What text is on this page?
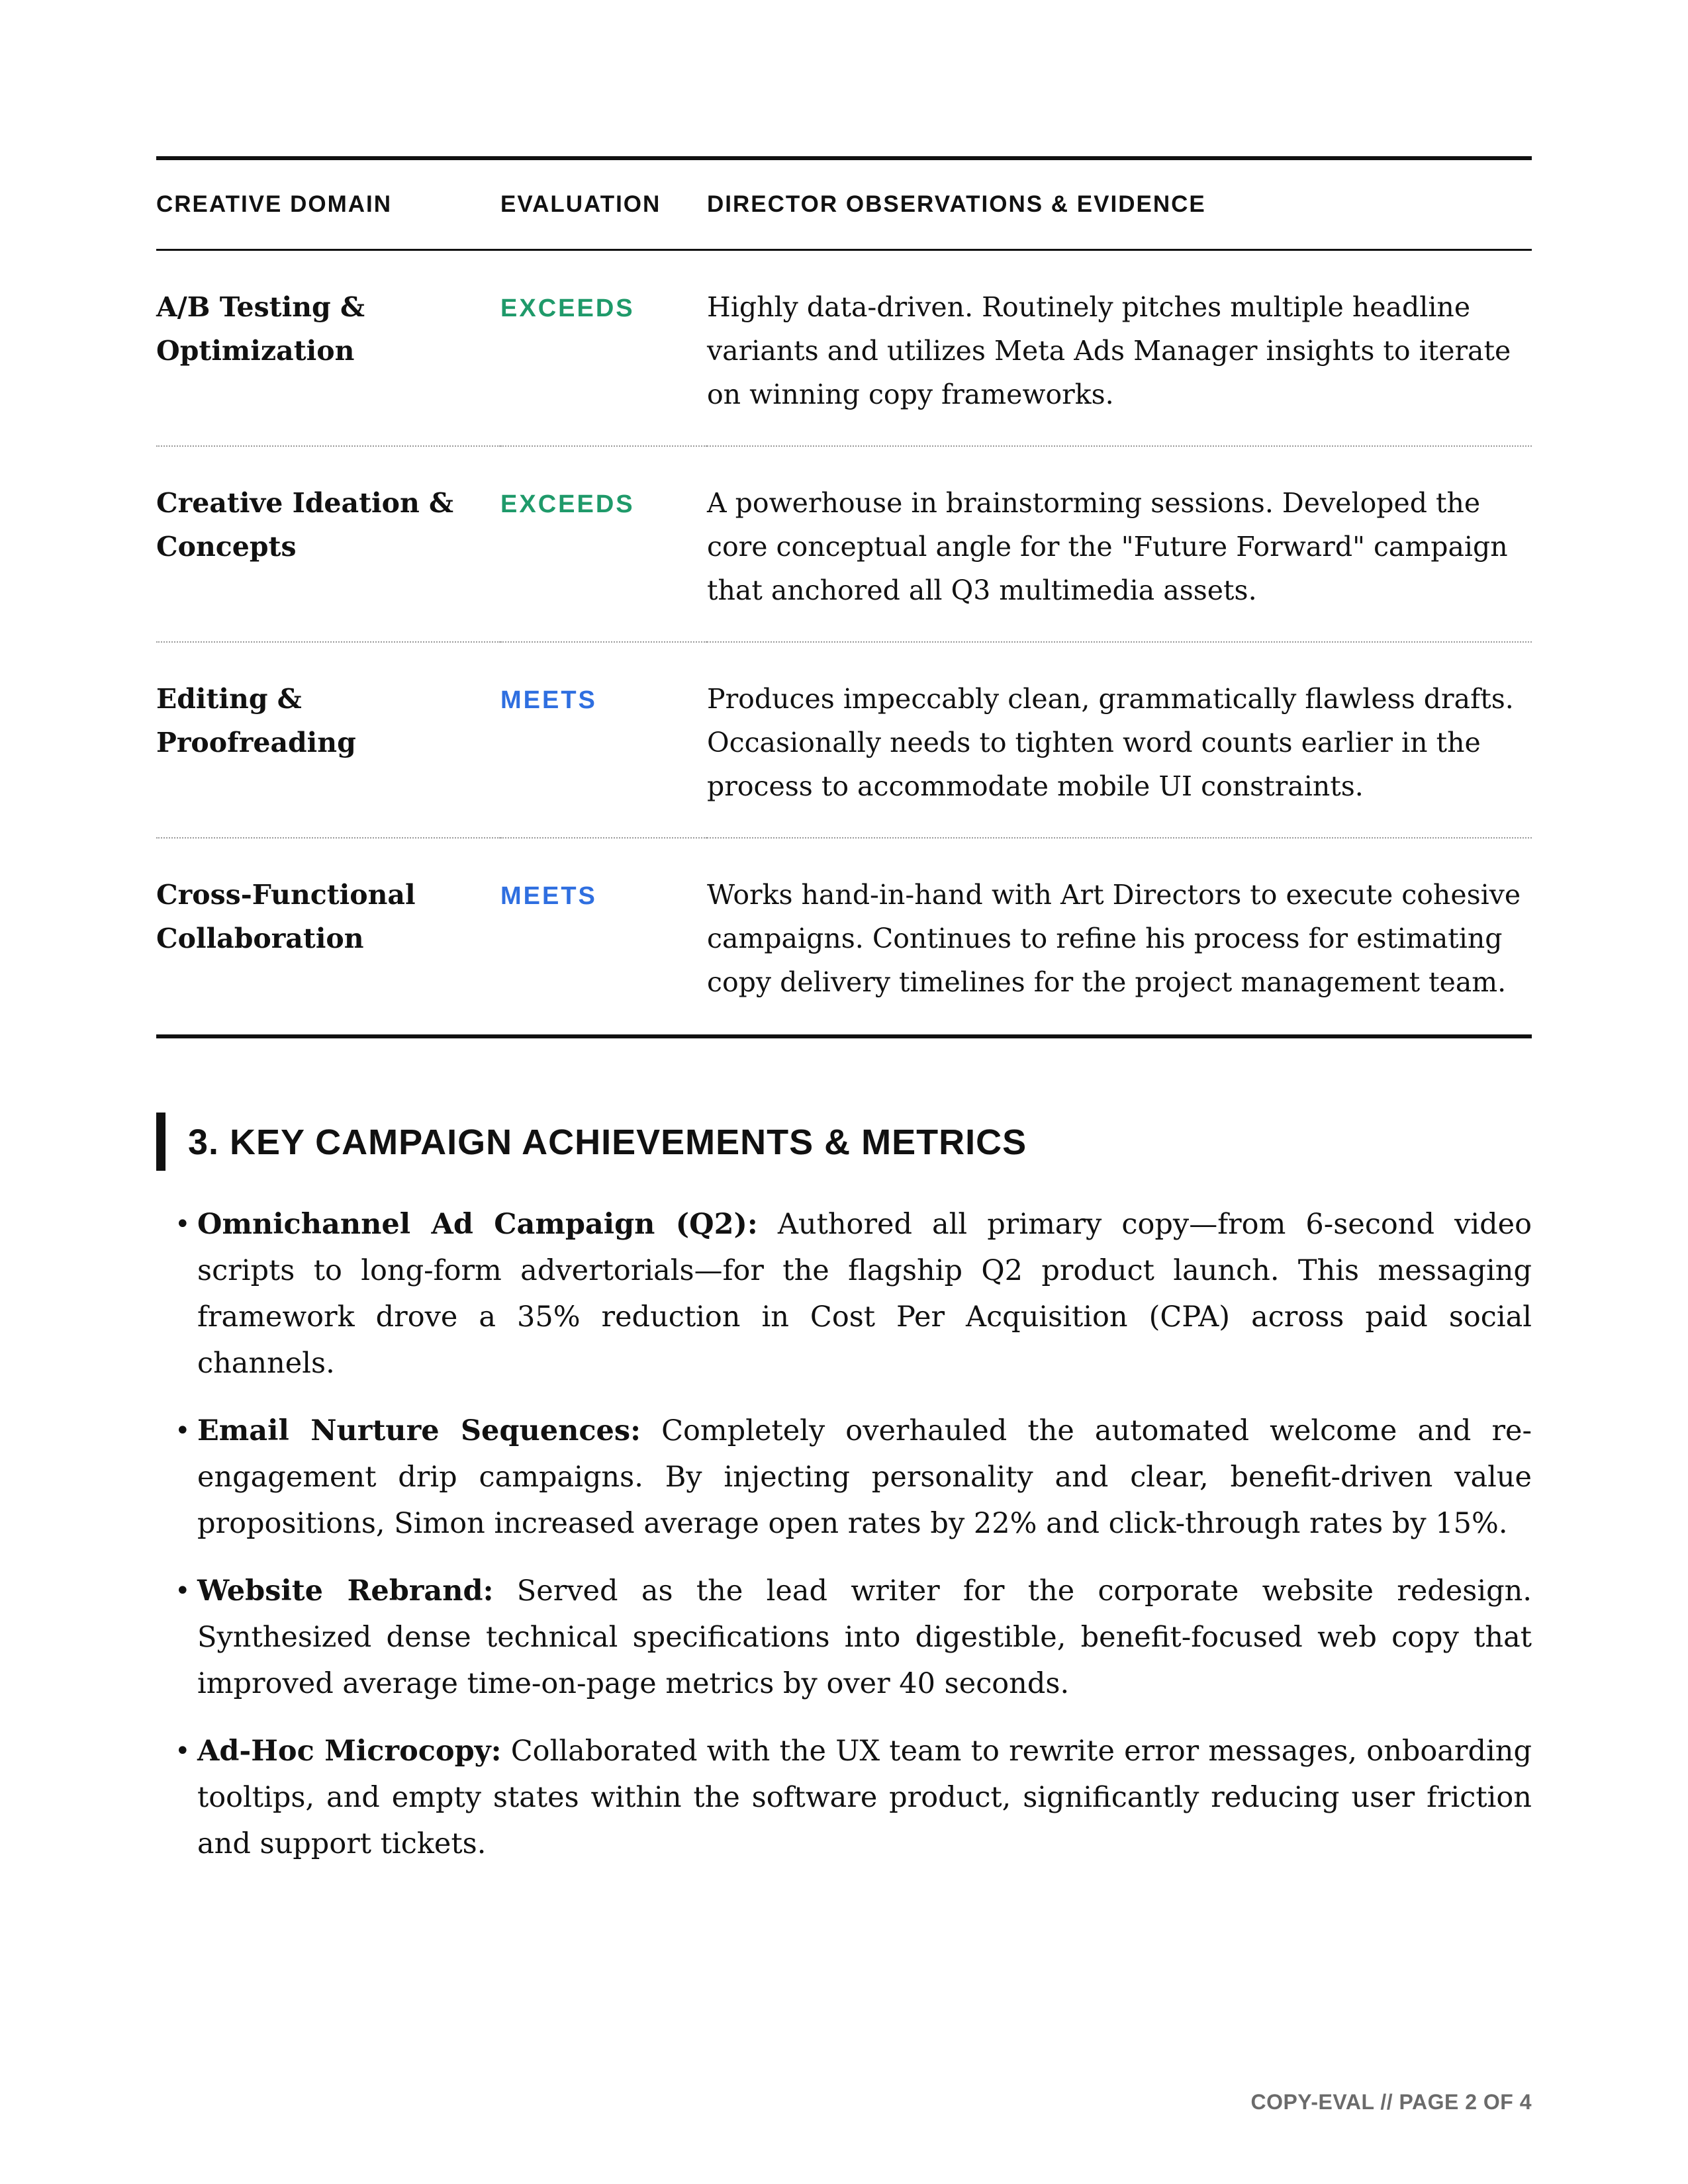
CREATIVE DOMAIN	EVALUATION	DIRECTOR OBSERVATIONS & EVIDENCE
A/B Testing & Optimization	EXCEEDS	Highly data-driven. Routinely pitches multiple headline variants and utilizes Meta Ads Manager insights to iterate on winning copy frameworks.
Creative Ideation & Concepts	EXCEEDS	A powerhouse in brainstorming sessions. Developed the core conceptual angle for the "Future Forward" campaign that anchored all Q3 multimedia assets.
Editing & Proofreading	MEETS	Produces impeccably clean, grammatically flawless drafts. Occasionally needs to tighten word counts earlier in the process to accommodate mobile UI constraints.
Cross-Functional Collaboration	MEETS	Works hand-in-hand with Art Directors to execute cohesive campaigns. Continues to refine his process for estimating copy delivery timelines for the project management team.
3. KEY CAMPAIGN ACHIEVEMENTS & METRICS
• Omnichannel Ad Campaign (Q2): Authored all primary copy—from 6-second video scripts to long-form advertorials—for the flagship Q2 product launch. This messaging framework drove a 35% reduction in Cost Per Acquisition (CPA) across paid social channels.
• Email Nurture Sequences: Completely overhauled the automated welcome and re-engagement drip campaigns. By injecting personality and clear, benefit-driven value propositions, Simon increased average open rates by 22% and click-through rates by 15%.
• Website Rebrand: Served as the lead writer for the corporate website redesign. Synthesized dense technical specifications into digestible, benefit-focused web copy that improved average time-on-page metrics by over 40 seconds.
• Ad-Hoc Microcopy: Collaborated with the UX team to rewrite error messages, onboarding tooltips, and empty states within the software product, significantly reducing user friction and support tickets.
COPY-EVAL // PAGE 2 OF 4
